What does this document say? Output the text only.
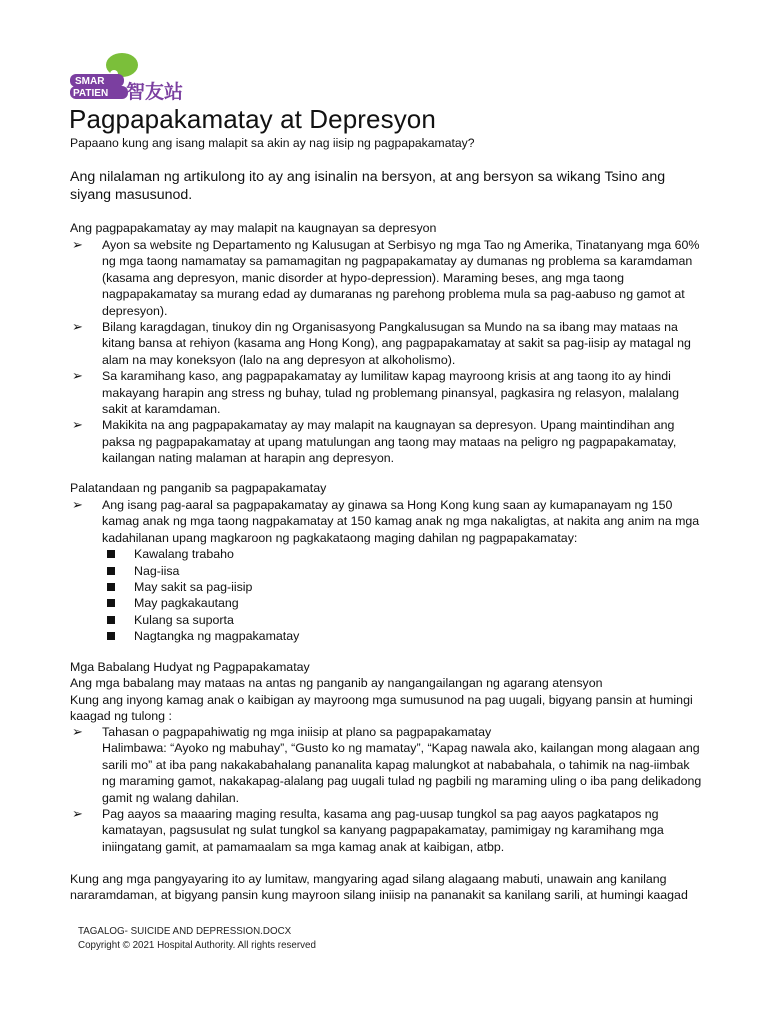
SMAR
PATIEN 智友站
Pagpapakamatay at Depresyon
Papaano kung ang isang malapit sa akin ay nag iisip ng pagpapakamatay?
Ang nilalaman ng artikulong ito ay ang isinalin na bersyon, at ang bersyon sa wikang Tsino ang siyang masusunod.
Ang pagpapakamatay ay may malapit na kaugnayan sa depresyon
➢ Ayon sa website ng Departamento ng Kalusugan at Serbisyo ng mga Tao ng Amerika, Tinatanyang mga 60% ng mga taong namamatay sa pamamagitan ng pagpapakamatay ay dumanas ng problema sa karamdaman (kasama ang depresyon, manic disorder at hypo-depression). Maraming beses, ang mga taong nagpapakamatay sa murang edad ay dumaranas ng parehong problema mula sa pag-aabuso ng gamot at depresyon).
➢ Bilang karagdagan, tinukoy din ng Organisasyong Pangkalusugan sa Mundo na sa ibang may mataas na kitang bansa at rehiyon (kasama ang Hong Kong), ang pagpapakamatay at sakit sa pag-iisip ay matagal ng alam na may koneksyon (lalo na ang depresyon at alkoholismo).
➢ Sa karamihang kaso, ang pagpapakamatay ay lumilitaw kapag mayroong krisis at ang taong ito ay hindi makayang harapin ang stress ng buhay, tulad ng problemang pinansyal, pagkasira ng relasyon, malalang sakit at karamdaman.
➢ Makikita na ang pagpapakamatay ay may malapit na kaugnayan sa depresyon. Upang maintindihan ang paksa ng pagpapakamatay at upang matulungan ang taong may mataas na peligro ng pagpapakamatay, kailangan nating malaman at harapin ang depresyon.
Palatandaan ng panganib sa pagpapakamatay
➢ Ang isang pag-aaral sa pagpapakamatay ay ginawa sa Hong Kong kung saan ay kumapanayam ng 150 kamag anak ng mga taong nagpakamatay at 150 kamag anak ng mga nakaligtas, at nakita ang anim na mga kadahilanan upang magkaroon ng pagkakataong maging dahilan ng pagpapakamatay:
Kawalang trabaho
Nag-iisa
May sakit sa pag-iisip
May pagkakautang
Kulang sa suporta
Nagtangka ng magpakamatay
Mga Babalang Hudyat ng Pagpapakamatay
Ang mga babalang may mataas na antas ng panganib ay nangangailangan ng agarang atensyon
Kung ang inyong kamag anak o kaibigan ay mayroong mga sumusunod na pag uugali, bigyang pansin at humingi kaagad ng tulong :
➢ Tahasan o pagpapahiwatig ng mga iniisip at plano sa pagpapakamatay
Halimbawa: “Ayoko ng mabuhay”, “Gusto ko ng mamatay”, “Kapag nawala ako, kailangan mong alagaan ang sarili mo” at iba pang nakakabahalang pananalita kapag malungkot at nababahala, o tahimik na nag-iimbak ng maraming gamot, nakakapag-alalang pag uugali tulad ng pagbili ng maraming uling o iba pang delikadong gamit ng walang dahilan.
➢ Pag aayos sa maaaring maging resulta, kasama ang pag-uusap tungkol sa pag aayos pagkatapos ng kamatayan, pagsusulat ng sulat tungkol sa kanyang pagpapakamatay, pamimigay ng karamihang mga iniingatang gamit, at pamamaalam sa mga kamag anak at kaibigan, atbp.
Kung ang mga pangyayaring ito ay lumitaw, mangyaring agad silang alagaang mabuti, unawain ang kanilang nararamdaman, at bigyang pansin kung mayroon silang iniisip na pananakit sa kanilang sarili, at humingi kaagad
TAGALOG- SUICIDE AND DEPRESSION.DOCX
Copyright © 2021 Hospital Authority. All rights reserved
